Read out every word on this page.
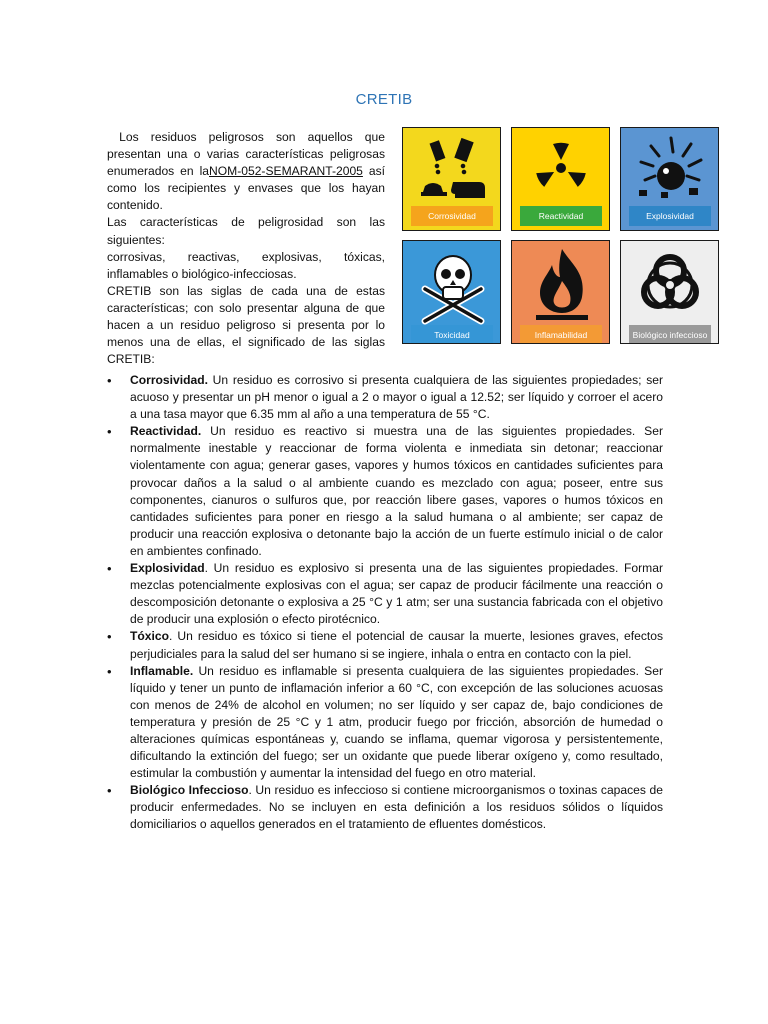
CRETIB

Los residuos peligrosos son aquellos que presentan una o varias características peligrosas enumerados en laNOM-052-SEMARANT-2005 así como los recipientes y envases que los hayan contenido.

Las características de peligrosidad son las siguientes:

corrosivas, reactivas, explosivas, tóxicas, inflamables o biológico-infecciosas.

CRETIB son las siglas de cada una de estas características; con solo presentar alguna de que hacen a un residuo peligroso si presenta por lo menos una de ellas, el significado de las siglas CRETIB:

Corrosividad	Reactividad	Explosividad
Toxicidad	Inflamabilidad	Biológico infeccioso
• Corrosividad. Un residuo es corrosivo si presenta cualquiera de las siguientes propiedades; ser acuoso y presentar un pH menor o igual a 2 o mayor o igual a 12.52; ser líquido y corroer el acero a una tasa mayor que 6.35 mm al año a una temperatura de 55 °C.
• Reactividad. Un residuo es reactivo si muestra una de las siguientes propiedades. Ser normalmente inestable y reaccionar de forma violenta e inmediata sin detonar; reaccionar violentamente con agua; generar gases, vapores y humos tóxicos en cantidades suficientes para provocar daños a la salud o al ambiente cuando es mezclado con agua; poseer, entre sus componentes, cianuros o sulfuros que, por reacción libere gases, vapores o humos tóxicos en cantidades suficientes para poner en riesgo a la salud humana o al ambiente; ser capaz de producir una reacción explosiva o detonante bajo la acción de un fuerte estímulo inicial o de calor en ambientes confinado.
• Explosividad. Un residuo es explosivo si presenta una de las siguientes propiedades. Formar mezclas potencialmente explosivas con el agua; ser capaz de producir fácilmente una reacción o descomposición detonante o explosiva a 25 °C y 1 atm; ser una sustancia fabricada con el objetivo de producir una explosión o efecto pirotécnico.
• Tóxico. Un residuo es tóxico si tiene el potencial de causar la muerte, lesiones graves, efectos perjudiciales para la salud del ser humano si se ingiere, inhala o entra en contacto con la piel.
• Inflamable. Un residuo es inflamable si presenta cualquiera de las siguientes propiedades. Ser líquido y tener un punto de inflamación inferior a 60 °C, con excepción de las soluciones acuosas con menos de 24% de alcohol en volumen; no ser líquido y ser capaz de, bajo condiciones de temperatura y presión de 25 °C y 1 atm, producir fuego por fricción, absorción de humedad o alteraciones químicas espontáneas y, cuando se inflama, quemar vigorosa y persistentemente, dificultando la extinción del fuego; ser un oxidante que puede liberar oxígeno y, como resultado, estimular la combustión y aumentar la intensidad del fuego en otro material.
• Biológico Infeccioso. Un residuo es infeccioso si contiene microorganismos o toxinas capaces de producir enfermedades. No se incluyen en esta definición a los residuos sólidos o líquidos domiciliarios o aquellos generados en el tratamiento de efluentes domésticos.
